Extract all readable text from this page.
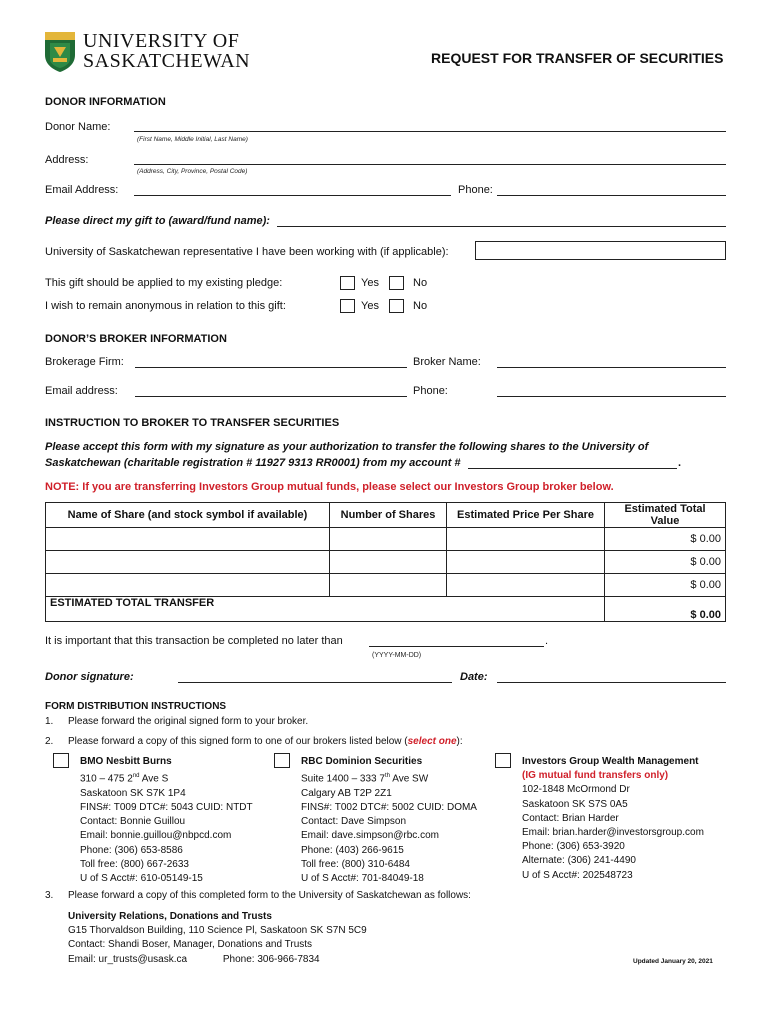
UNIVERSITY OF
SASKATCHEWAN	REQUEST FOR TRANSFER OF SECURITIES
DONOR INFORMATION
Donor Name:
(First Name, Middle Initial, Last Name)
Address:
(Address, City, Province, Postal Code)
Email Address:	Phone:
Please direct my gift to (award/fund name):
University of Saskatchewan representative I have been working with (if applicable):
This gift should be applied to my existing pledge:	Yes	No
I wish to remain anonymous in relation to this gift:	Yes	No
DONOR’S BROKER INFORMATION
Brokerage Firm:	Broker Name:
Email address:	Phone:
INSTRUCTION TO BROKER TO TRANSFER SECURITIES
Please accept this form with my signature as your authorization to transfer the following shares to the University of
Saskatchewan (charitable registration # 11927 9313 RR0001) from my account #	.
NOTE: If you are transferring Investors Group mutual funds, please select our Investors Group broker below.
Name of Share (and stock symbol if available)	Number of Shares	Estimated Price Per Share	Estimated Total Value
			$ 0.00
			$ 0.00
			$ 0.00
ESTIMATED TOTAL TRANSFER			$ 0.00
It is important that this transaction be completed no later than	.
(YYYY-MM-DD)
Donor signature:	Date:
FORM DISTRIBUTION INSTRUCTIONS
1. Please forward the original signed form to your broker.
2. Please forward a copy of this signed form to one of our brokers listed below (select one):
BMO Nesbitt Burns
310 – 475 2nd Ave S
Saskatoon SK S7K 1P4
FINS#: T009 DTC#: 5043 CUID: NTDT
Contact: Bonnie Guillou
Email: bonnie.guillou@nbpcd.com
Phone: (306) 653-8586
Toll free: (800) 667-2633
U of S Acct#: 610-05149-15
RBC Dominion Securities
Suite 1400 – 333 7th Ave SW
Calgary AB T2P 2Z1
FINS#: T002 DTC#: 5002 CUID: DOMA
Contact: Dave Simpson
Email: dave.simpson@rbc.com
Phone: (403) 266-9615
Toll free: (800) 310-6484
U of S Acct#: 701-84049-18
Investors Group Wealth Management
(IG mutual fund transfers only)
102-1848 McOrmond Dr
Saskatoon SK S7S 0A5
Contact: Brian Harder
Email: brian.harder@investorsgroup.com
Phone: (306) 653-3920
Alternate: (306) 241-4490
U of S Acct#: 202548723
3. Please forward a copy of this completed form to the University of Saskatchewan as follows:
University Relations, Donations and Trusts
G15 Thorvaldson Building, 110 Science Pl, Saskatoon SK S7N 5C9
Contact: Shandi Boser, Manager, Donations and Trusts
Email: ur_trusts@usask.ca	Phone: 306-966-7834	Updated January 20, 2021
